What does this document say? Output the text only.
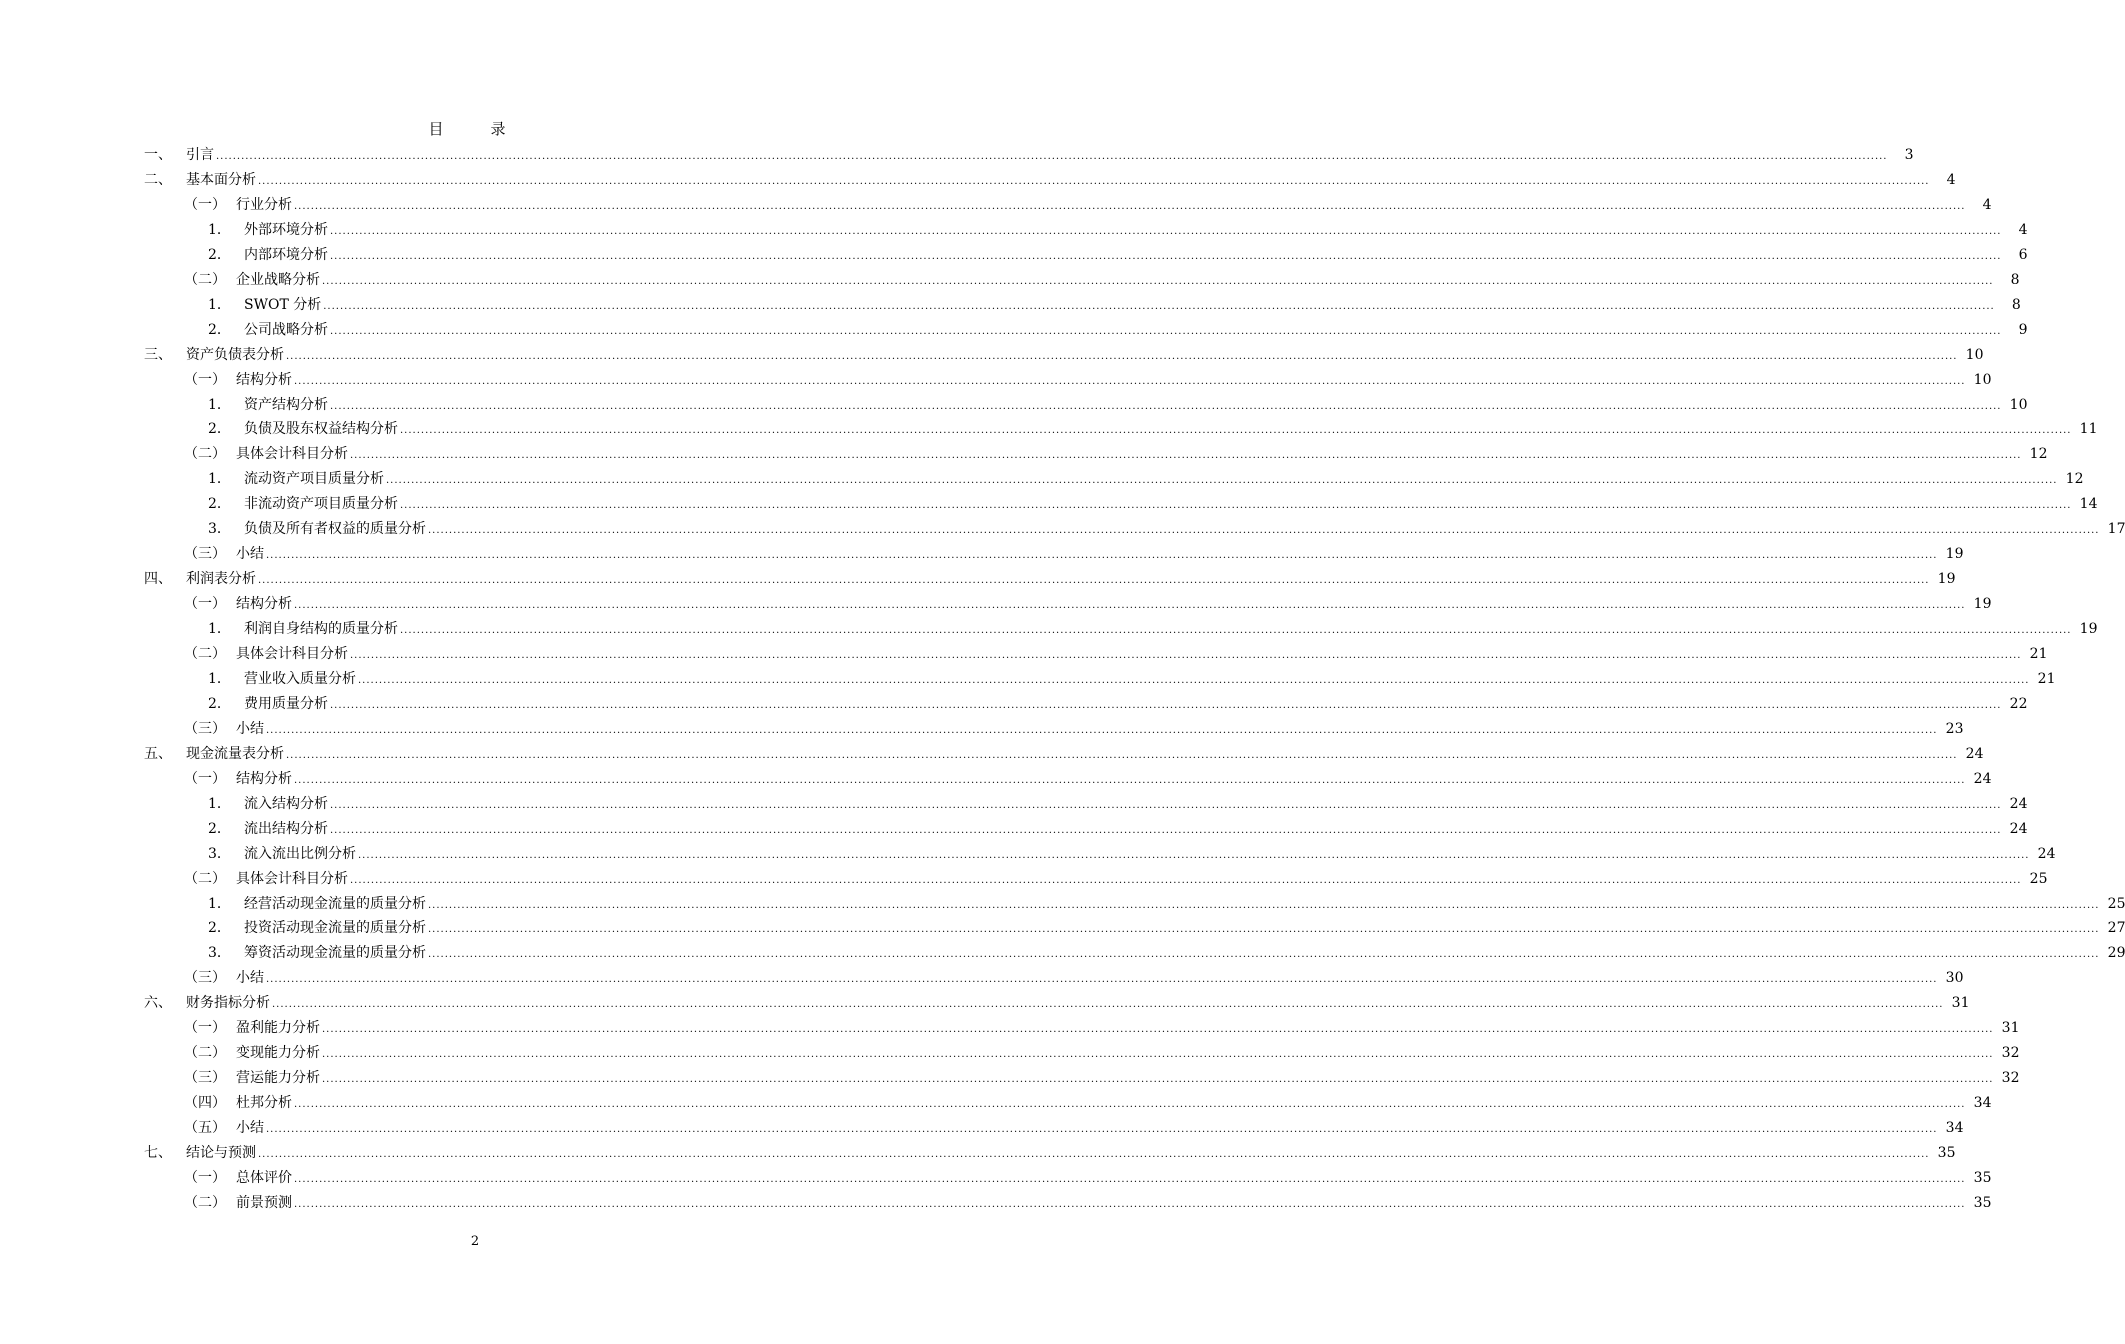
目　录
一、	引言 ................................................................................................................................................................................................................................................................................................................................................................................................................	3
二、	基本面分析 ................................................................................................................................................................................................................................................................................................................................................................................................................	4
（一） 行业分析 ................................................................................................................................................................................................................................................................................................................................................................................................................	4
1． 外部环境分析 ................................................................................................................................................................................................................................................................................................................................................................................................................	4
2． 内部环境分析 ................................................................................................................................................................................................................................................................................................................................................................................................................	6
（二） 企业战略分析 ................................................................................................................................................................................................................................................................................................................................................................................................................	8
1． SWOT 分析 ................................................................................................................................................................................................................................................................................................................................................................................................................	8
2． 公司战略分析 ................................................................................................................................................................................................................................................................................................................................................................................................................	9
三、	资产负债表分析 ................................................................................................................................................................................................................................................................................................................................................................................................................ 10
（一） 结构分析 ................................................................................................................................................................................................................................................................................................................................................................................................................ 10
1． 资产结构分析 ................................................................................................................................................................................................................................................................................................................................................................................................................ 10
2． 负债及股东权益结构分析 ................................................................................................................................................................................................................................................................................................................................................................................................................ 11
（二） 具体会计科目分析 ................................................................................................................................................................................................................................................................................................................................................................................................................ 12
1． 流动资产项目质量分析 ................................................................................................................................................................................................................................................................................................................................................................................................................ 12
2． 非流动资产项目质量分析 ................................................................................................................................................................................................................................................................................................................................................................................................................ 14
3． 负债及所有者权益的质量分析 ................................................................................................................................................................................................................................................................................................................................................................................................................ 17
（三） 小结 ................................................................................................................................................................................................................................................................................................................................................................................................................ 19
四、	利润表分析 ................................................................................................................................................................................................................................................................................................................................................................................................................ 19
（一） 结构分析 ................................................................................................................................................................................................................................................................................................................................................................................................................ 19
1． 利润自身结构的质量分析 ................................................................................................................................................................................................................................................................................................................................................................................................................ 19
（二） 具体会计科目分析 ................................................................................................................................................................................................................................................................................................................................................................................................................ 21
1． 营业收入质量分析 ................................................................................................................................................................................................................................................................................................................................................................................................................ 21
2． 费用质量分析 ................................................................................................................................................................................................................................................................................................................................................................................................................ 22
（三） 小结 ................................................................................................................................................................................................................................................................................................................................................................................................................ 23
五、	现金流量表分析 ................................................................................................................................................................................................................................................................................................................................................................................................................ 24
（一） 结构分析 ................................................................................................................................................................................................................................................................................................................................................................................................................ 24
1． 流入结构分析 ................................................................................................................................................................................................................................................................................................................................................................................................................ 24
2． 流出结构分析 ................................................................................................................................................................................................................................................................................................................................................................................................................ 24
3． 流入流出比例分析 ................................................................................................................................................................................................................................................................................................................................................................................................................ 24
（二） 具体会计科目分析 ................................................................................................................................................................................................................................................................................................................................................................................................................ 25
1． 经营活动现金流量的质量分析 ................................................................................................................................................................................................................................................................................................................................................................................................................ 25
2． 投资活动现金流量的质量分析 ................................................................................................................................................................................................................................................................................................................................................................................................................ 27
3． 筹资活动现金流量的质量分析 ................................................................................................................................................................................................................................................................................................................................................................................................................ 29
（三） 小结 ................................................................................................................................................................................................................................................................................................................................................................................................................ 30
六、	财务指标分析 ................................................................................................................................................................................................................................................................................................................................................................................................................ 31
（一） 盈利能力分析 ................................................................................................................................................................................................................................................................................................................................................................................................................ 31
（二） 变现能力分析 ................................................................................................................................................................................................................................................................................................................................................................................................................ 32
（三） 营运能力分析 ................................................................................................................................................................................................................................................................................................................................................................................................................ 32
（四） 杜邦分析 ................................................................................................................................................................................................................................................................................................................................................................................................................ 34
（五） 小结 ................................................................................................................................................................................................................................................................................................................................................................................................................ 34
七、	结论与预测 ................................................................................................................................................................................................................................................................................................................................................................................................................ 35
（一） 总体评价 ................................................................................................................................................................................................................................................................................................................................................................................................................ 35
（二） 前景预测 ................................................................................................................................................................................................................................................................................................................................................................................................................ 35
2
